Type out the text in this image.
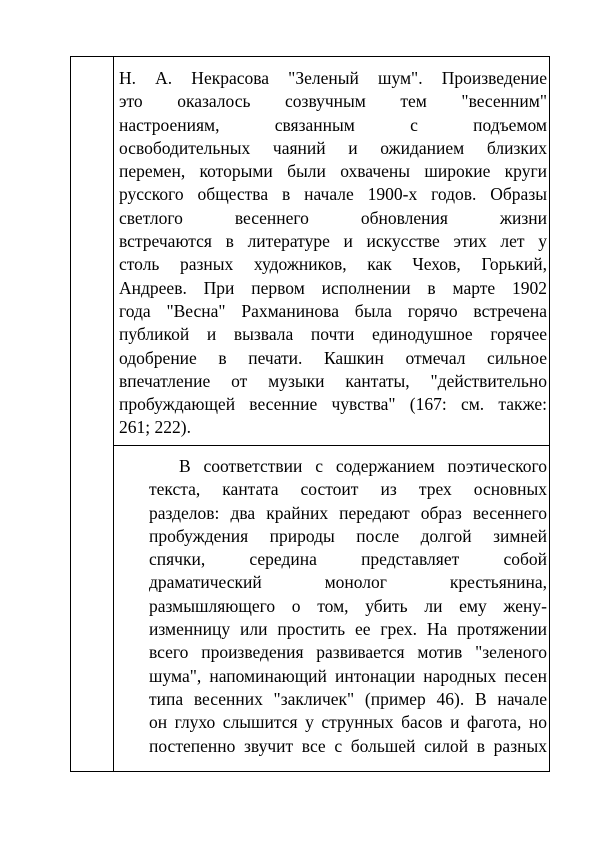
Н. А. Некрасова "Зеленый шум". Произведение
это оказалось созвучным тем "весенним"
настроениям, связанным с подъемом
освободительных чаяний и ожиданием близких
перемен, которыми были охвачены широкие круги
русского общества в начале 1900-х годов. Образы
светлого весеннего обновления жизни
встречаются в литературе и искусстве этих лет у
столь разных художников, как Чехов, Горький,
Андреев. При первом исполнении в марте 1902
года "Весна" Рахманинова была горячо встречена
публикой и вызвала почти единодушное горячее
одобрение в печати. Кашкин отмечал сильное
впечатление от музыки кантаты, "действительно
пробуждающей весенние чувства" (167: см. также:
261; 222).
В соответствии с содержанием поэтического
текста, кантата состоит из трех основных
разделов: два крайних передают образ весеннего
пробуждения природы после долгой зимней
спячки, середина представляет собой
драматический монолог крестьянина,
размышляющего о том, убить ли ему жену-
изменницу или простить ее грех. На протяжении
всего произведения развивается мотив "зеленого
шума", напоминающий интонации народных песен
типа весенних "закличек" (пример 46). В начале
он глухо слышится у струнных басов и фагота, но
постепенно звучит все с большей силой в разных
